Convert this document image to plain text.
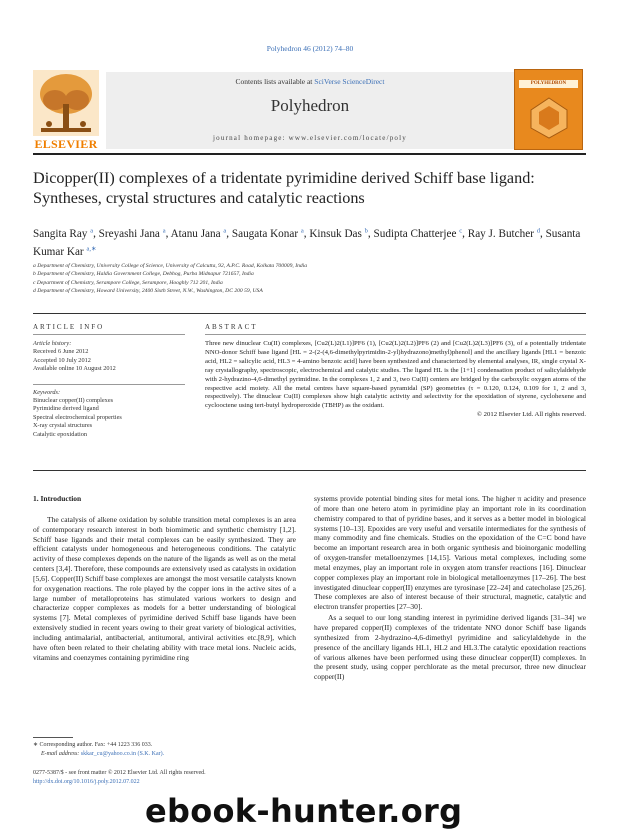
Polyhedron 46 (2012) 74–80
ELSEVIER
Contents lists available at SciVerse ScienceDirect
Polyhedron
journal homepage: www.elsevier.com/locate/poly
POLYHEDRON
Dicopper(II) complexes of a tridentate pyrimidine derived Schiff base ligand: Syntheses, crystal structures and catalytic reactions
Sangita Ray $^a$, Sreyashi Jana $^a$, Atanu Jana $^a$, Saugata Konar $^a$, Kinsuk Das $^b$, Sudipta Chatterjee $^c$, Ray J. Butcher $^d$, Susanta Kumar Kar $^{a,∗}$
a Department of Chemistry, University College of Science, University of Calcutta, 92, A.P.C. Road, Kolkata 700009, India
b Department of Chemistry, Haldia Government College, Debhog, Purba Midnapur 721657, India
c Department of Chemistry, Serampore College, Serampore, Hooghly 712 201, India
d Department of Chemistry, Howard University, 2400 Sixth Street, N.W., Washington, DC 200 59, USA
ARTICLE INFO	ABSTRACT
Article history:
Received 6 June 2012
Accepted 10 July 2012
Available online 10 August 2012
Keywords:
Binuclear copper(II) complexes
Pyrimidine derived ligand
Spectral electrochemical properties
X-ray crystal structures
Catalytic epoxidation
Three new dinuclear Cu(II) complexes, [Cu2(L)2(L1)]PF6 (1), [Cu2(L)2(L2)]PF6 (2) and [Cu2(L)2(L3)]PF6 (3), of a potentially tridentate NNO-donor Schiff base ligand [HL = 2-(2-(4,6-dimethylpyrimidin-2-yl)hydrazono)methyl)phenol] and the ancillary ligands [HL1 = benzoic acid, HL2 = salicylic acid, HL3 = 4-amino benzoic acid] have been synthesized and characterized by elemental analyses, IR, single crystal X-ray crystallography, spectroscopic, electrochemical and catalytic studies. The ligand HL is the [1+1] condensation product of salicylaldehyde with 2-hydrazino-4,6-dimethyl pyrimidine. In the complexes 1, 2 and 3, two Cu(II) centers are bridged by the carboxylic oxygen atoms of the respective acid moiety. All the metal centres have square-based pyramidal (SP) geometries (τ = 0.120, 0.124, 0.109 for 1, 2 and 3, respectively). The dinuclear Cu(II) complexes show high catalytic activity and selectivity for the epoxidation of styrene, cyclohexene and cyclooctene using tert-butyl hydroperoxide (TBHP) as the oxidant.
© 2012 Elsevier Ltd. All rights reserved.
1. Introduction

The catalysis of alkene oxidation by soluble transition metal complexes is an area of contemporary research interest in both biomimetic and synthetic chemistry [1,2]. Schiff base ligands and their metal complexes can be easily synthesized. They are efficient catalysts under homogeneous and heterogeneous conditions. The catalytic activity of these complexes depends on the nature of the ligands as well as on the metal centers [3,4]. Therefore, these compounds are extensively used as catalysts in oxidation [5,6]. Copper(II) Schiff base complexes are amongst the most versatile catalysts known for oxygenation reactions. The role played by the copper ions in the active sites of a large number of metalloproteins has stimulated various workers to design and characterize copper complexes as models for a better understanding of biological systems [7]. Metal complexes of pyrimidine derived Schiff base ligands have been extensively studied in recent years owing to their great variety of biological activities, including antimalarial, antibacterial, antitumoral, antiviral activities etc.[8,9], which have often been related to their chelating ability with trace metal ions. Nucleic acids, vitamins and coenzymes containing pyrimidine ring

systems provide potential binding sites for metal ions. The higher π acidity and presence of more than one hetero atom in pyrimidine play an important role in its coordination chemistry compared to that of pyridine bases, and it serves as a better model in biological systems [10–13]. Epoxides are very useful and versatile intermediates for the synthesis of many commodity and fine chemicals. Studies on the epoxidation of the C=C bond have become an important research area in both organic synthesis and bioinorganic modelling of oxygen-transfer metalloenzymes [14,15]. Various metal complexes, including some metal enzymes, play an important role in oxygen atom transfer reactions [16]. Dinuclear copper complexes play an important role in biological metalloenzymes [17–26]. The best investigated dinuclear copper(II) enzymes are tyrosinase [22–24] and catecholase [25,26]. These complexes are also of interest because of their structural, magnetic, catalytic and electron transfer properties [27–30].

As a sequel to our long standing interest in pyrimidine derived ligands [31–34] we have prepared copper(II) complexes of the tridentate NNO donor Schiff base ligands synthesized from 2-hydrazino-4,6-dimethyl pyrimidine and salicylaldehyde in the presence of the ancillary ligands HL1, HL2 and HL3.The catalytic epoxidation reactions of various alkenes have been performed using these dinuclear copper(II) complexes. In the present study, using copper perchlorate as the metal precursor, three new dinuclear copper(II)

∗ Corresponding author. Fax: +44 1223 336 033.
E-mail address: skkar_cu@yahoo.co.in (S.K. Kar).
0277-5387/$ - see front matter © 2012 Elsevier Ltd. All rights reserved.
http://dx.doi.org/10.1016/j.poly.2012.07.022
ebook-hunter.org
